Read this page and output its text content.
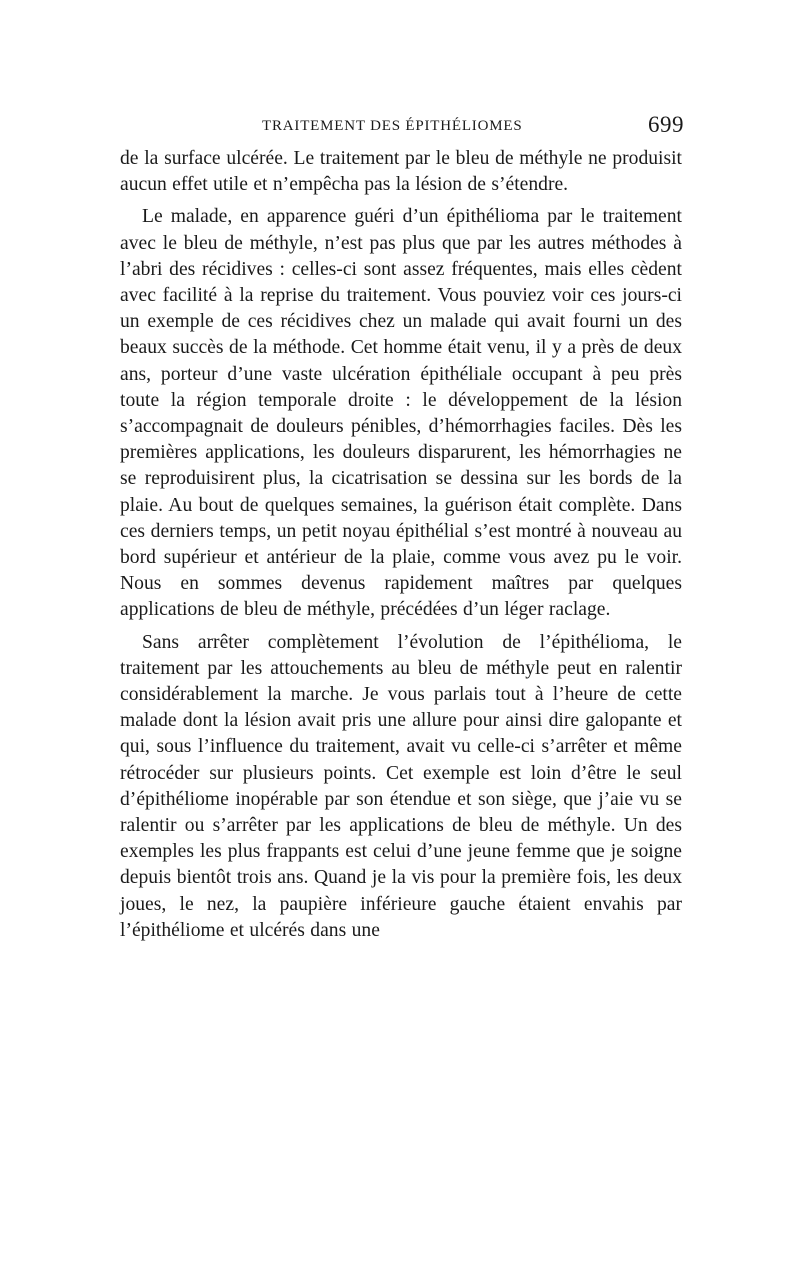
TRAITEMENT DES ÉPITHÉLIOMES	699

de la surface ulcérée. Le traitement par le bleu de méthyle ne produisit aucun effet utile et n’empêcha pas la lésion de s’étendre.

Le malade, en apparence guéri d’un épithélioma par le traitement avec le bleu de méthyle, n’est pas plus que par les autres méthodes à l’abri des récidives : celles-ci sont assez fréquentes, mais elles cèdent avec facilité à la reprise du traitement. Vous pouviez voir ces jours-ci un exemple de ces récidives chez un malade qui avait fourni un des beaux succès de la méthode. Cet homme était venu, il y a près de deux ans, porteur d’une vaste ulcération épithéliale occupant à peu près toute la région temporale droite : le développement de la lésion s’accompagnait de douleurs pénibles, d’hémorrhagies faciles. Dès les premières applications, les douleurs disparurent, les hémorrhagies ne se reproduisirent plus, la cicatrisation se dessina sur les bords de la plaie. Au bout de quelques semaines, la guérison était complète. Dans ces derniers temps, un petit noyau épithélial s’est montré à nouveau au bord supérieur et antérieur de la plaie, comme vous avez pu le voir. Nous en sommes devenus rapidement maîtres par quelques applications de bleu de méthyle, précédées d’un léger raclage.

Sans arrêter complètement l’évolution de l’épithélioma, le traitement par les attouchements au bleu de méthyle peut en ralentir considérablement la marche. Je vous parlais tout à l’heure de cette malade dont la lésion avait pris une allure pour ainsi dire galopante et qui, sous l’influence du traitement, avait vu celle-ci s’arrêter et même rétrocéder sur plusieurs points. Cet exemple est loin d’être le seul d’épithéliome inopérable par son étendue et son siège, que j’aie vu se ralentir ou s’arrêter par les applications de bleu de méthyle. Un des exemples les plus frappants est celui d’une jeune femme que je soigne depuis bientôt trois ans. Quand je la vis pour la première fois, les deux joues, le nez, la paupière inférieure gauche étaient envahis par l’épithéliome et ulcérés dans une
